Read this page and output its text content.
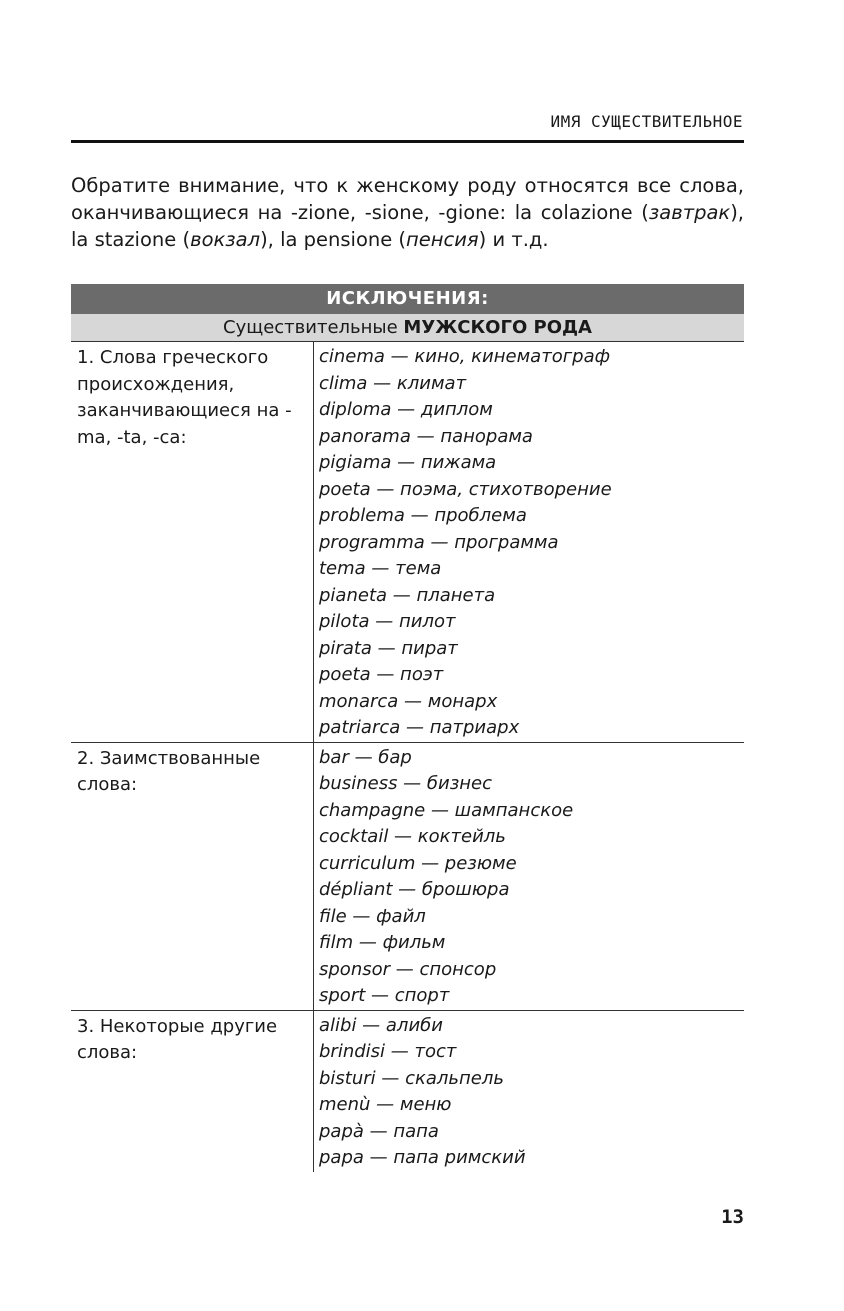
ИМЯ СУЩЕСТВИТЕЛЬНОЕ

Обратите внимание, что к женскому роду относятся все слова, оканчивающиеся на -zione, -sione, -gione: la colazione (завтрак), la stazione (вокзал), la pensione (пенсия) и т.д.

ИСКЛЮЧЕНИЯ:
Существительные МУЖСКОГО РОДА
1. Слова греческого происхождения, заканчивающиеся на -ma, -ta, -ca:
cinema — кино, кинематограф
clima — климат
diploma — диплом
panorama — панорама
pigiama — пижама
poeta — поэма, стихотворение
problema — проблема
programma — программа
tema — тема
pianeta — планета
pilota — пилот
pirata — пират
poeta — поэт
monarca — монарх
patriarca — патриарх
2. Заимствованные слова:
bar — бар
business — бизнес
champagne — шампанское
cocktail — коктейль
curriculum — резюме
dépliant — брошюра
file — файл
film — фильм
sponsor — спонсор
sport — спорт
3. Некоторые другие слова:
alibi — алиби
brindisi — тост
bisturi — скальпель
menù — меню
papà — папа
papa — папа римский
13
